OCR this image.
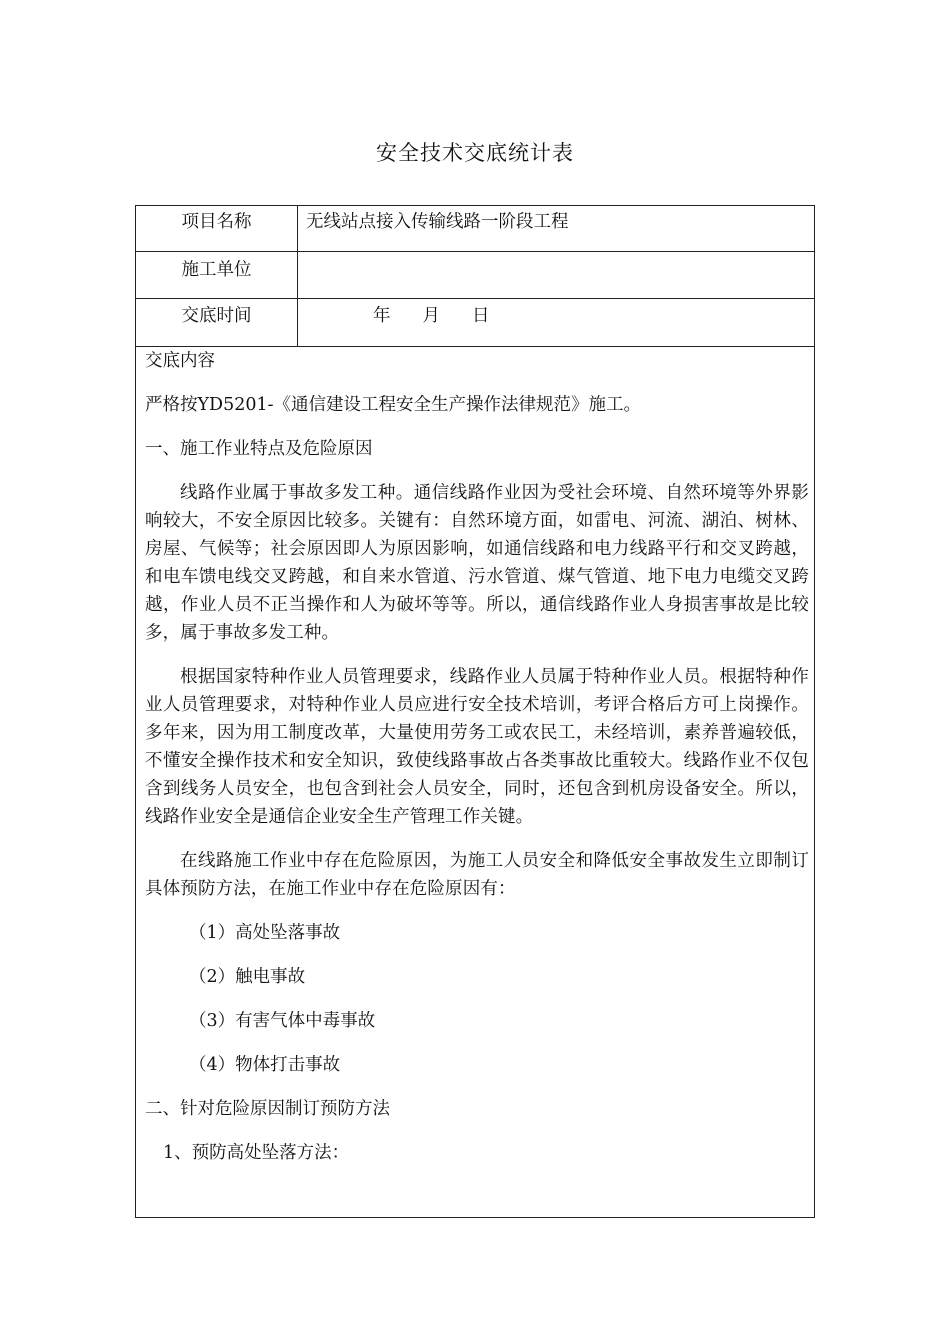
安全技术交底统计表
项目名称	无线站点接入传输线路一阶段工程
施工单位
交底时间	年 月 日

交底内容

严格按YD5201-《通信建设工程安全生产操作法律规范》施工。

一、施工作业特点及危险原因

线路作业属于事故多发工种。通信线路作业因为受社会环境、自然环境等外界影响较大，不安全原因比较多。关键有：自然环境方面，如雷电、河流、湖泊、树林、房屋、气候等；社会原因即人为原因影响，如通信线路和电力线路平行和交叉跨越，和电车馈电线交叉跨越，和自来水管道、污水管道、煤气管道、地下电力电缆交叉跨越，作业人员不正当操作和人为破坏等等。所以，通信线路作业人身损害事故是比较多，属于事故多发工种。

根据国家特种作业人员管理要求，线路作业人员属于特种作业人员。根据特种作业人员管理要求，对特种作业人员应进行安全技术培训，考评合格后方可上岗操作。多年来，因为用工制度改革，大量使用劳务工或农民工，未经培训，素养普遍较低，不懂安全操作技术和安全知识，致使线路事故占各类事故比重较大。线路作业不仅包含到线务人员安全，也包含到社会人员安全，同时，还包含到机房设备安全。所以，线路作业安全是通信企业安全生产管理工作关键。

在线路施工作业中存在危险原因，为施工人员安全和降低安全事故发生立即制订具体预防方法，在施工作业中存在危险原因有：

（1）高处坠落事故

（2）触电事故

（3）有害气体中毒事故

（4）物体打击事故

二、针对危险原因制订预防方法

1、预防高处坠落方法：
